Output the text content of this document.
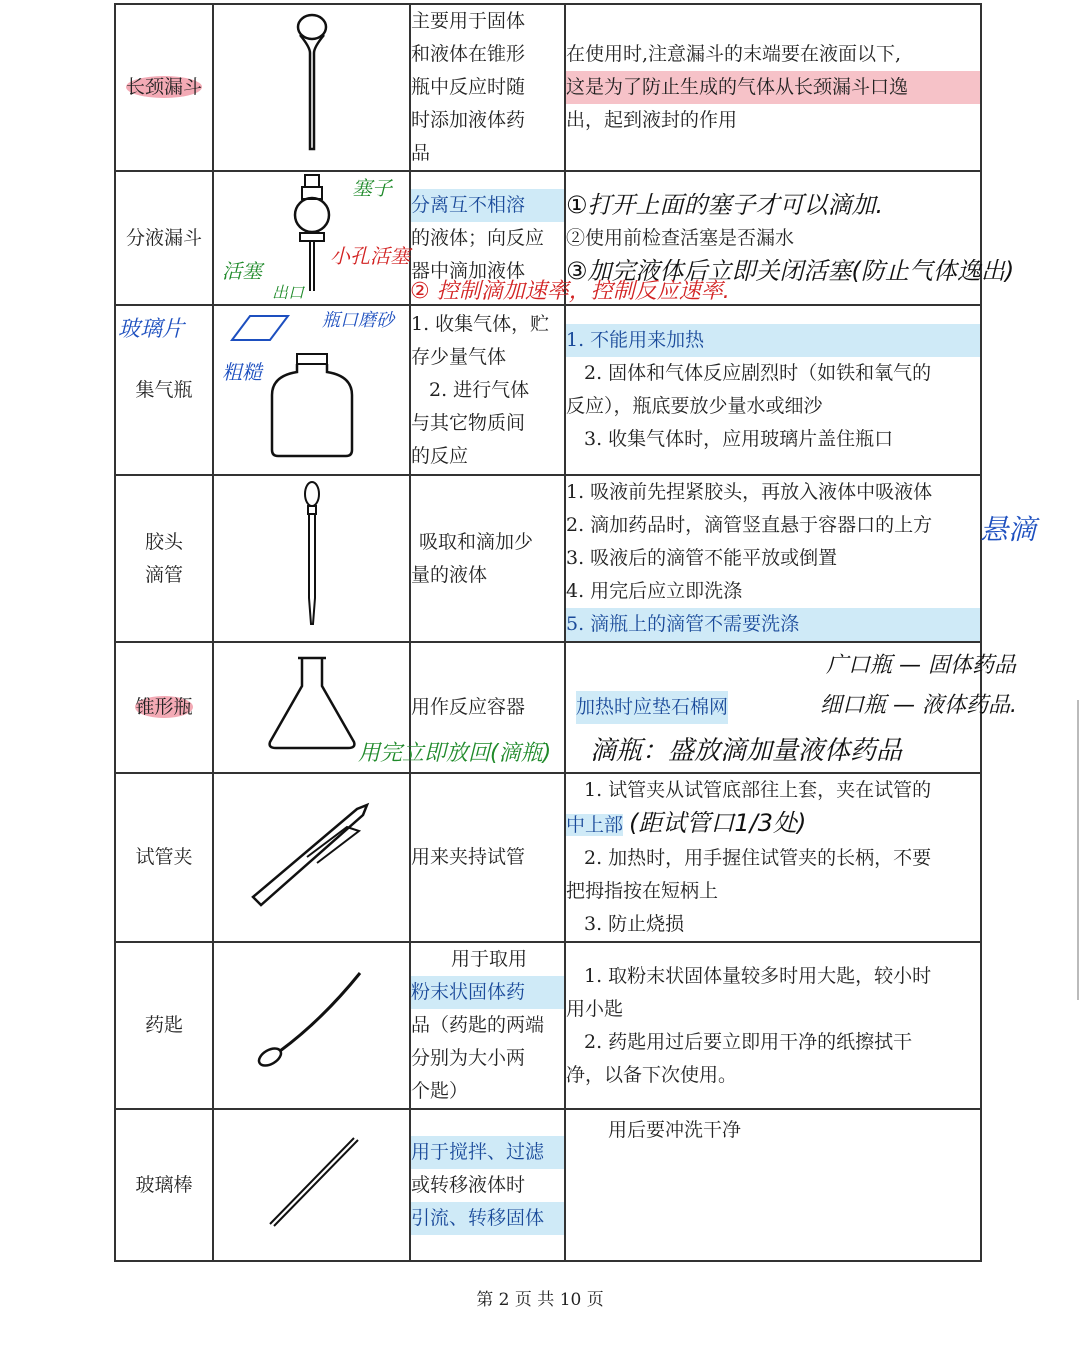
长颈漏斗		主要用于固体
和液体在锥形
瓶中反应时随
时添加液体药
品	在使用时,注意漏斗的末端要在液面以下,
这是为了防止生成的气体从长颈漏斗口逸
出，起到液封的作用

分液漏斗		分离互不相溶
的液体；向反应
器中滴加液体	①打开上面的塞子才可以滴加.
②使用前检查活塞是否漏水
③加完液体后立即关闭活塞(防止气体逸出)

集气瓶		1. 收集气体，贮
存少量气体
2. 进行气体
与其它物质间
的反应	1. 不能用来加热
2. 固体和气体反应剧烈时（如铁和氧气的
反应），瓶底要放少量水或细沙
3. 收集气体时，应用玻璃片盖住瓶口

胶头
滴管		吸取和滴加少
量的液体	1. 吸液前先捏紧胶头，再放入液体中吸液体
2. 滴加药品时，滴管竖直悬于容器口的上方
3. 吸液后的滴管不能平放或倒置
4. 用完后应立即洗涤
5. 滴瓶上的滴管不需要洗涤

锥形瓶		用作反应容器	加热时应垫石棉网
试管夹		用来夹持试管	1. 试管夹从试管底部往上套，夹在试管的
中上部 (距试管口1/3处)
2. 加热时，用手握住试管夹的长柄，不要
把拇指按在短柄上
3. 防止烧损

药匙		用于取用
粉末状固体药
品（药匙的两端
分别为大小两
个匙）	1. 取粉末状固体量较多时用大匙，较小时
用小匙
2. 药匙用过后要立即用干净的纸擦拭干
净，以备下次使用。

玻璃棒		用于搅拌、过滤
或转移液体时
引流、转移固体	用后要冲洗干净
塞子
活塞
小孔活塞
出口	② 控制滴加速率，控制反应速率.
玻璃片
粗糙
瓶口磨砂
悬滴
广口瓶 — 固体药品
细口瓶 — 液体药品.
用完立即放回(滴瓶) 滴瓶：盛放滴加量液体药品
第 2 页 共 10 页
